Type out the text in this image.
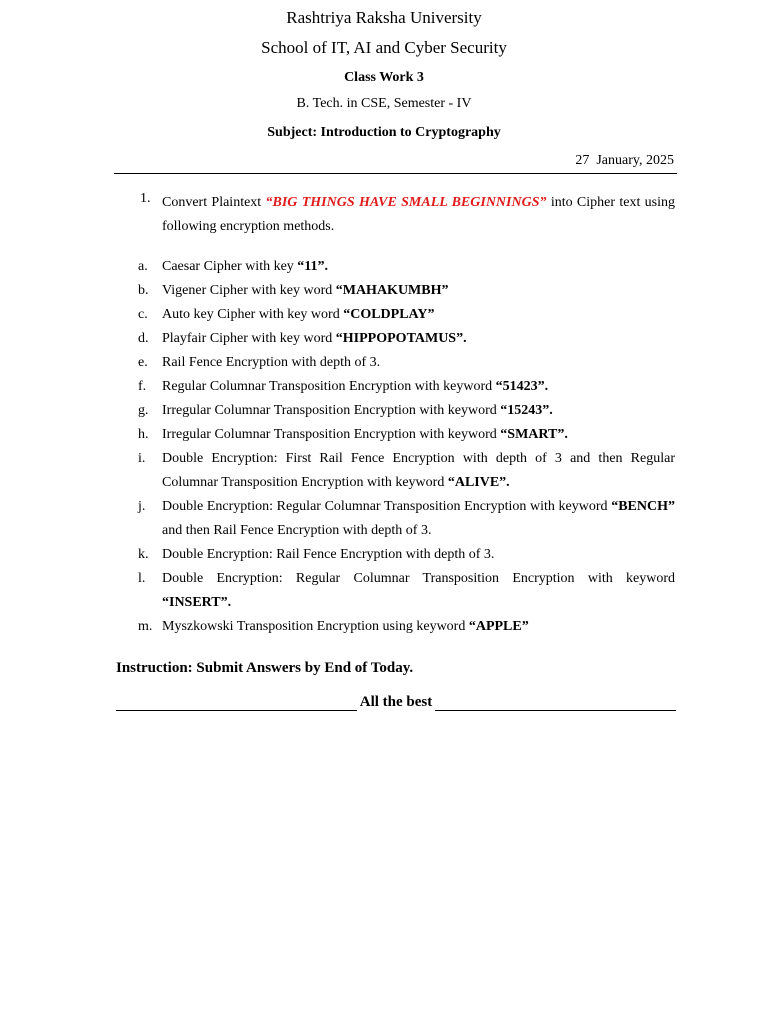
Rashtriya Raksha University
School of IT, AI and Cyber Security
Class Work 3
B. Tech. in CSE, Semester - IV
Subject: Introduction to Cryptography
27  January, 2025
1. Convert Plaintext “BIG THINGS HAVE SMALL BEGINNINGS” into Cipher text using following encryption methods.
a. Caesar Cipher with key “11”.
b. Vigener Cipher with key word “MAHAKUMBH”
c. Auto key Cipher with key word “COLDPLAY”
d. Playfair Cipher with key word “HIPPOPOTAMUS”.
e. Rail Fence Encryption with depth of 3.
f. Regular Columnar Transposition Encryption with keyword “51423”.
g. Irregular Columnar Transposition Encryption with keyword “15243”.
h. Irregular Columnar Transposition Encryption with keyword “SMART”.
i. Double Encryption: First Rail Fence Encryption with depth of 3 and then Regular Columnar Transposition Encryption with keyword “ALIVE”.
j. Double Encryption: Regular Columnar Transposition Encryption with keyword “BENCH” and then Rail Fence Encryption with depth of 3.
k. Double Encryption: Rail Fence Encryption with depth of 3.
l. Double Encryption: Regular Columnar Transposition Encryption with keyword “INSERT”.
m. Myszkowski Transposition Encryption using keyword “APPLE”
Instruction: Submit Answers by End of Today.
All the best
